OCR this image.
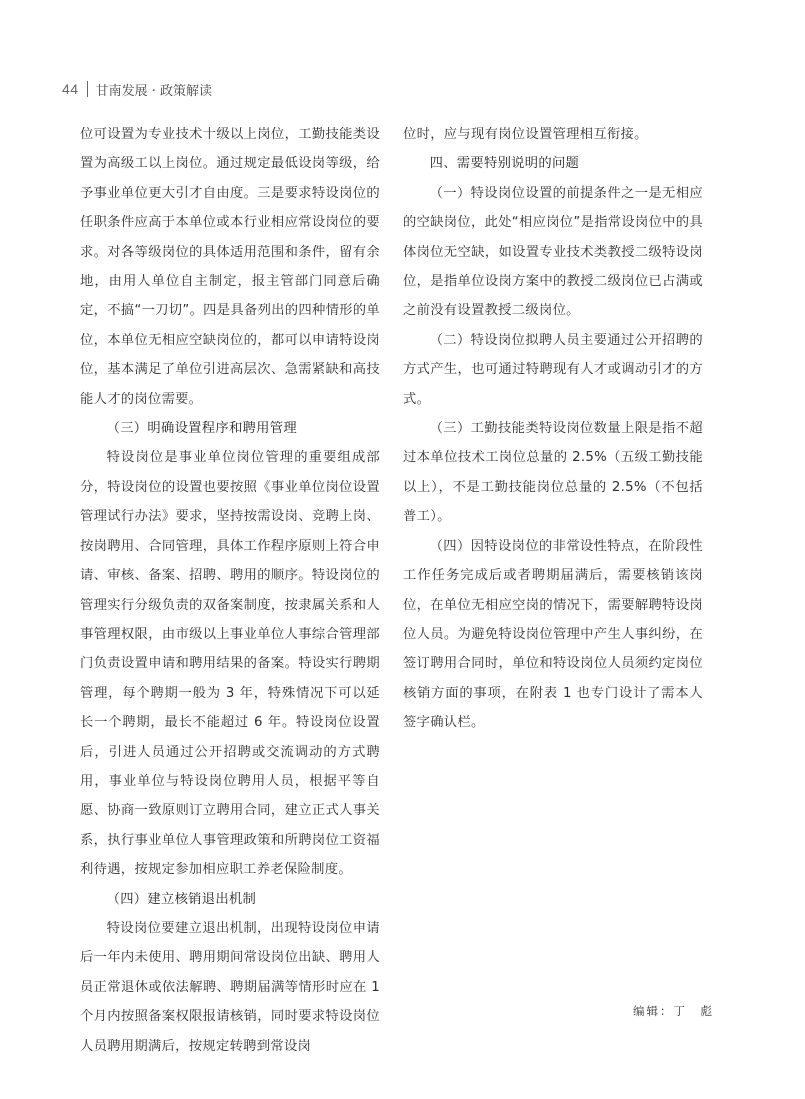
44 甘南发展 · 政策解读

位可设置为专业技术十级以上岗位，工勤技能类设置为高级工以上岗位。通过规定最低设岗等级，给予事业单位更大引才自由度。三是要求特设岗位的任职条件应高于本单位或本行业相应常设岗位的要求。对各等级岗位的具体适用范围和条件，留有余地，由用人单位自主制定，报主管部门同意后确定，不搞“一刀切”。四是具备列出的四种情形的单位，本单位无相应空缺岗位的，都可以申请特设岗位，基本满足了单位引进高层次、急需紧缺和高技能人才的岗位需要。

（三）明确设置程序和聘用管理

特设岗位是事业单位岗位管理的重要组成部分，特设岗位的设置也要按照《事业单位岗位设置管理试行办法》要求，坚持按需设岗、竞聘上岗、按岗聘用、合同管理，具体工作程序原则上符合申请、审核、备案、招聘、聘用的顺序。特设岗位的管理实行分级负责的双备案制度，按隶属关系和人事管理权限，由市级以上事业单位人事综合管理部门负责设置申请和聘用结果的备案。特设实行聘期管理，每个聘期一般为 3 年，特殊情况下可以延长一个聘期，最长不能超过 6 年。特设岗位设置后，引进人员通过公开招聘或交流调动的方式聘用，事业单位与特设岗位聘用人员，根据平等自愿、协商一致原则订立聘用合同，建立正式人事关系，执行事业单位人事管理政策和所聘岗位工资福利待遇，按规定参加相应职工养老保险制度。

（四）建立核销退出机制

特设岗位要建立退出机制，出现特设岗位申请后一年内未使用、聘用期间常设岗位出缺、聘用人员正常退休或依法解聘、聘期届满等情形时应在 1 个月内按照备案权限报请核销，同时要求特设岗位人员聘用期满后，按规定转聘到常设岗

位时，应与现有岗位设置管理相互衔接。

四、需要特别说明的问题

（一）特设岗位设置的前提条件之一是无相应的空缺岗位，此处“相应岗位”是指常设岗位中的具体岗位无空缺，如设置专业技术类教授二级特设岗位，是指单位设岗方案中的教授二级岗位已占满或之前没有设置教授二级岗位。

（二）特设岗位拟聘人员主要通过公开招聘的方式产生，也可通过特聘现有人才或调动引才的方式。

（三）工勤技能类特设岗位数量上限是指不超过本单位技术工岗位总量的 2.5%（五级工勤技能以上），不是工勤技能岗位总量的 2.5%（不包括普工）。

（四）因特设岗位的非常设性特点，在阶段性工作任务完成后或者聘期届满后，需要核销该岗位，在单位无相应空岗的情况下，需要解聘特设岗位人员。为避免特设岗位管理中产生人事纠纷，在签订聘用合同时，单位和特设岗位人员须约定岗位核销方面的事项，在附表 1 也专门设计了需本人签字确认栏。

编辑：丁　彪
